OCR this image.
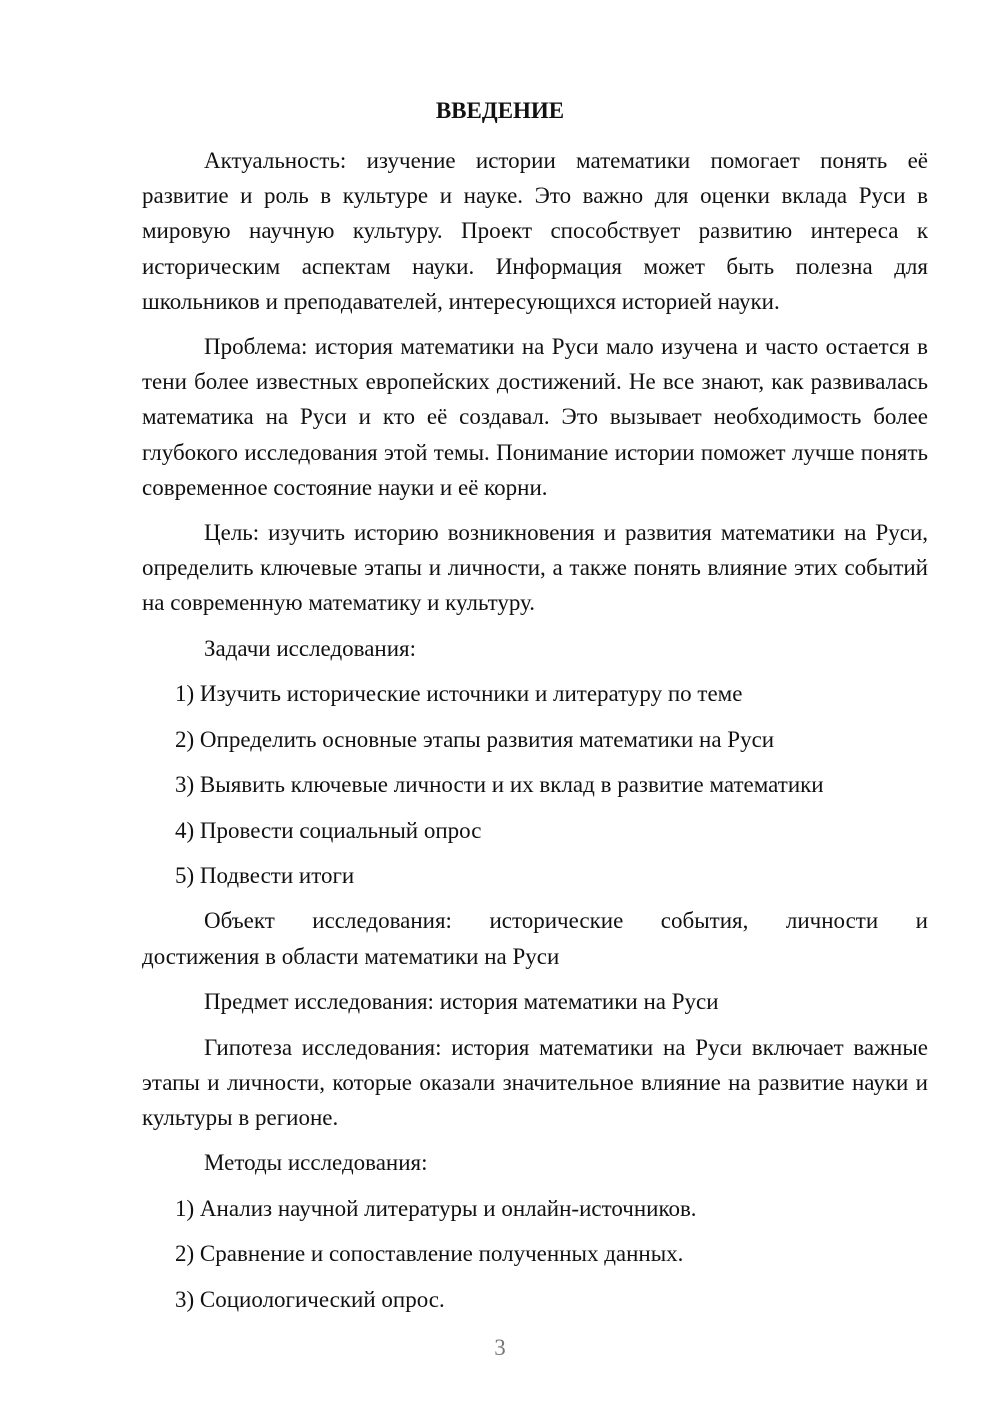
ВВЕДЕНИЕ

Актуальность: изучение истории математики помогает понять её развитие и роль в культуре и науке. Это важно для оценки вклада Руси в мировую научную культуру. Проект способствует развитию интереса к историческим аспектам науки. Информация может быть полезна для школьников и преподавателей, интересующихся историей науки.

Проблема: история математики на Руси мало изучена и часто остается в тени более известных европейских достижений. Не все знают, как развивалась математика на Руси и кто её создавал. Это вызывает необходимость более глубокого исследования этой темы. Понимание истории поможет лучше понять современное состояние науки и её корни.

Цель: изучить историю возникновения и развития математики на Руси, определить ключевые этапы и личности, а также понять влияние этих событий на современную математику и культуру.

Задачи исследования:

1) Изучить исторические источники и литературу по теме

2) Определить основные этапы развития математики на Руси

3) Выявить ключевые личности и их вклад в развитие математики

4) Провести социальный опрос

5) Подвести итоги

Объект исследования: исторические события, личности и

достижения в области математики на Руси

Предмет исследования: история математики на Руси

Гипотеза исследования: история математики на Руси включает важные этапы и личности, которые оказали значительное влияние на развитие науки и культуры в регионе.

Методы исследования:

1) Анализ научной литературы и онлайн-источников.

2) Сравнение и сопоставление полученных данных.

3) Социологический опрос.

3
